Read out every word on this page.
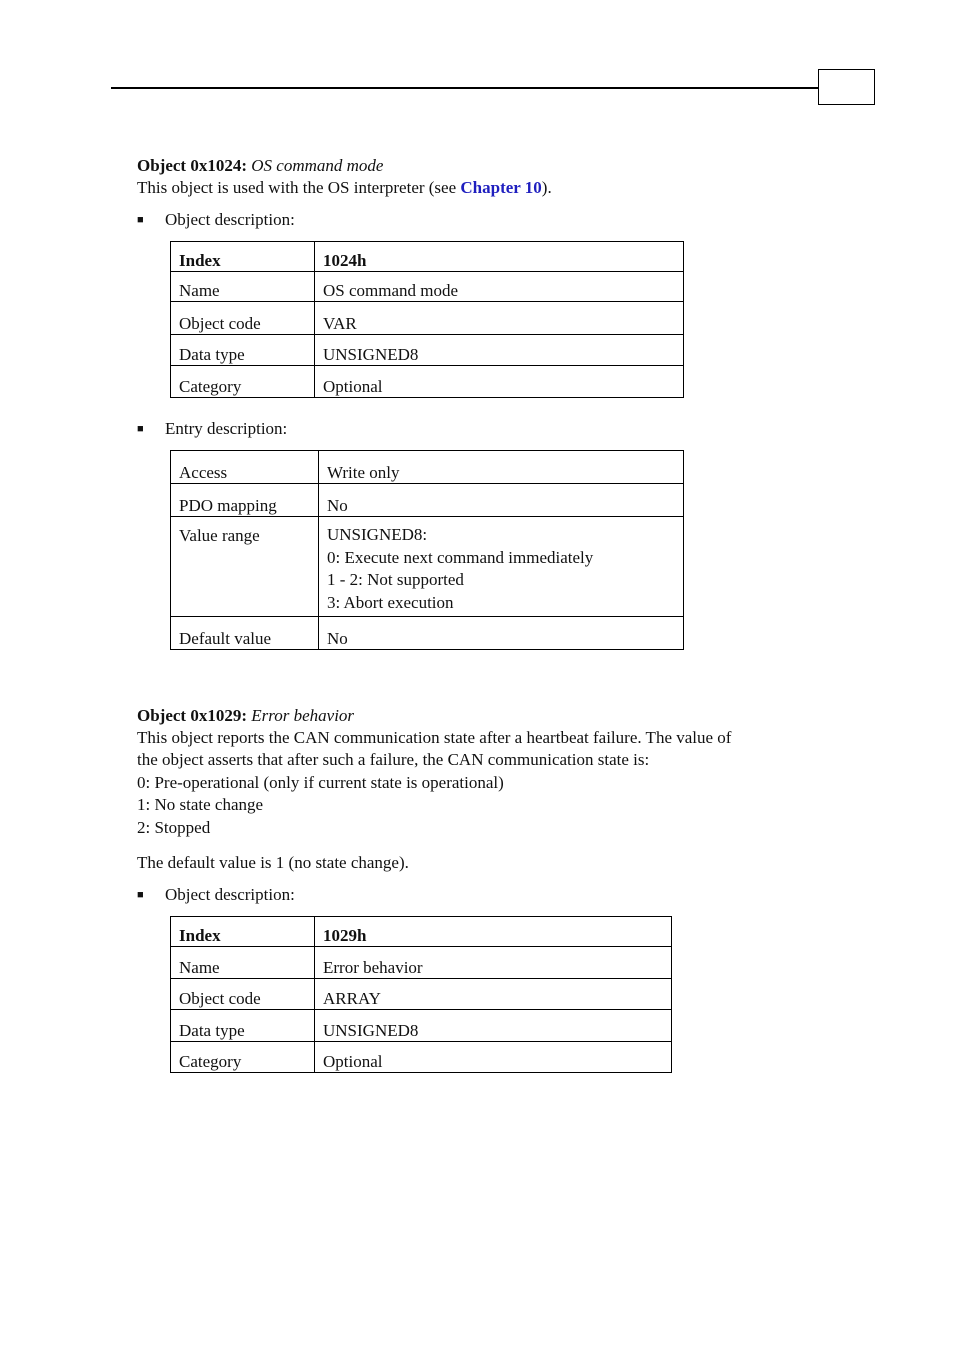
Object 0x1024: OS command mode
This object is used with the OS interpreter (see Chapter 10).
■ Object description:
Index	1024h
Name	OS command mode
Object code	VAR
Data type	UNSIGNED8
Category	Optional
■ Entry description:
Access	Write only
PDO mapping	No
Value range	UNSIGNED8:
0: Execute next command immediately
1 - 2: Not supported
3: Abort execution

Default value	No
Object 0x1029: Error behavior
This object reports the CAN communication state after a heartbeat failure. The value of
the object asserts that after such a failure, the CAN communication state is:
0: Pre-operational (only if current state is operational)
1: No state change
2: Stopped
The default value is 1 (no state change).
■ Object description:
Index	1029h
Name	Error behavior
Object code	ARRAY
Data type	UNSIGNED8
Category	Optional
